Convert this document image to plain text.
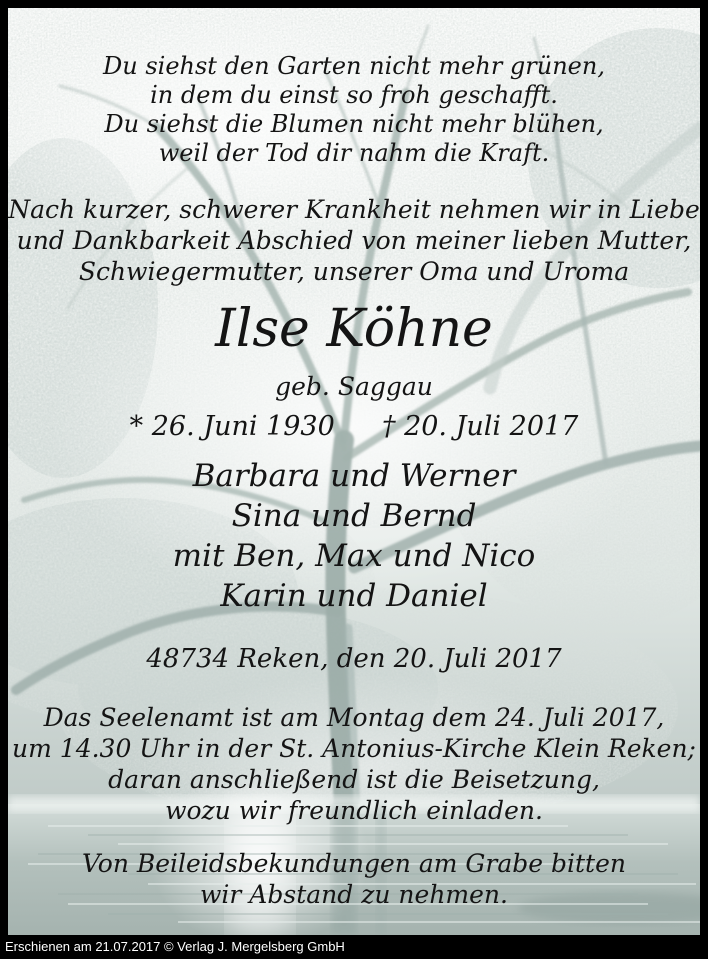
Du siehst den Garten nicht mehr grünen,
in dem du einst so froh geschafft.
Du siehst die Blumen nicht mehr blühen,
weil der Tod dir nahm die Kraft.
Nach kurzer, schwerer Krankheit nehmen wir in Liebe
und Dankbarkeit Abschied von meiner lieben Mutter,
Schwiegermutter, unserer Oma und Uroma
Ilse Köhne
geb. Saggau
* 26. Juni 1930 † 20. Juli 2017
Barbara und Werner
Sina und Bernd
mit Ben, Max und Nico
Karin und Daniel
48734 Reken, den 20. Juli 2017
Das Seelenamt ist am Montag dem 24. Juli 2017,
um 14.30 Uhr in der St. Antonius-Kirche Klein Reken;
daran anschließend ist die Beisetzung,
wozu wir freundlich einladen.
Von Beileidsbekundungen am Grabe bitten
wir Abstand zu nehmen.
Erschienen am 21.07.2017 © Verlag J. Mergelsberg GmbH
